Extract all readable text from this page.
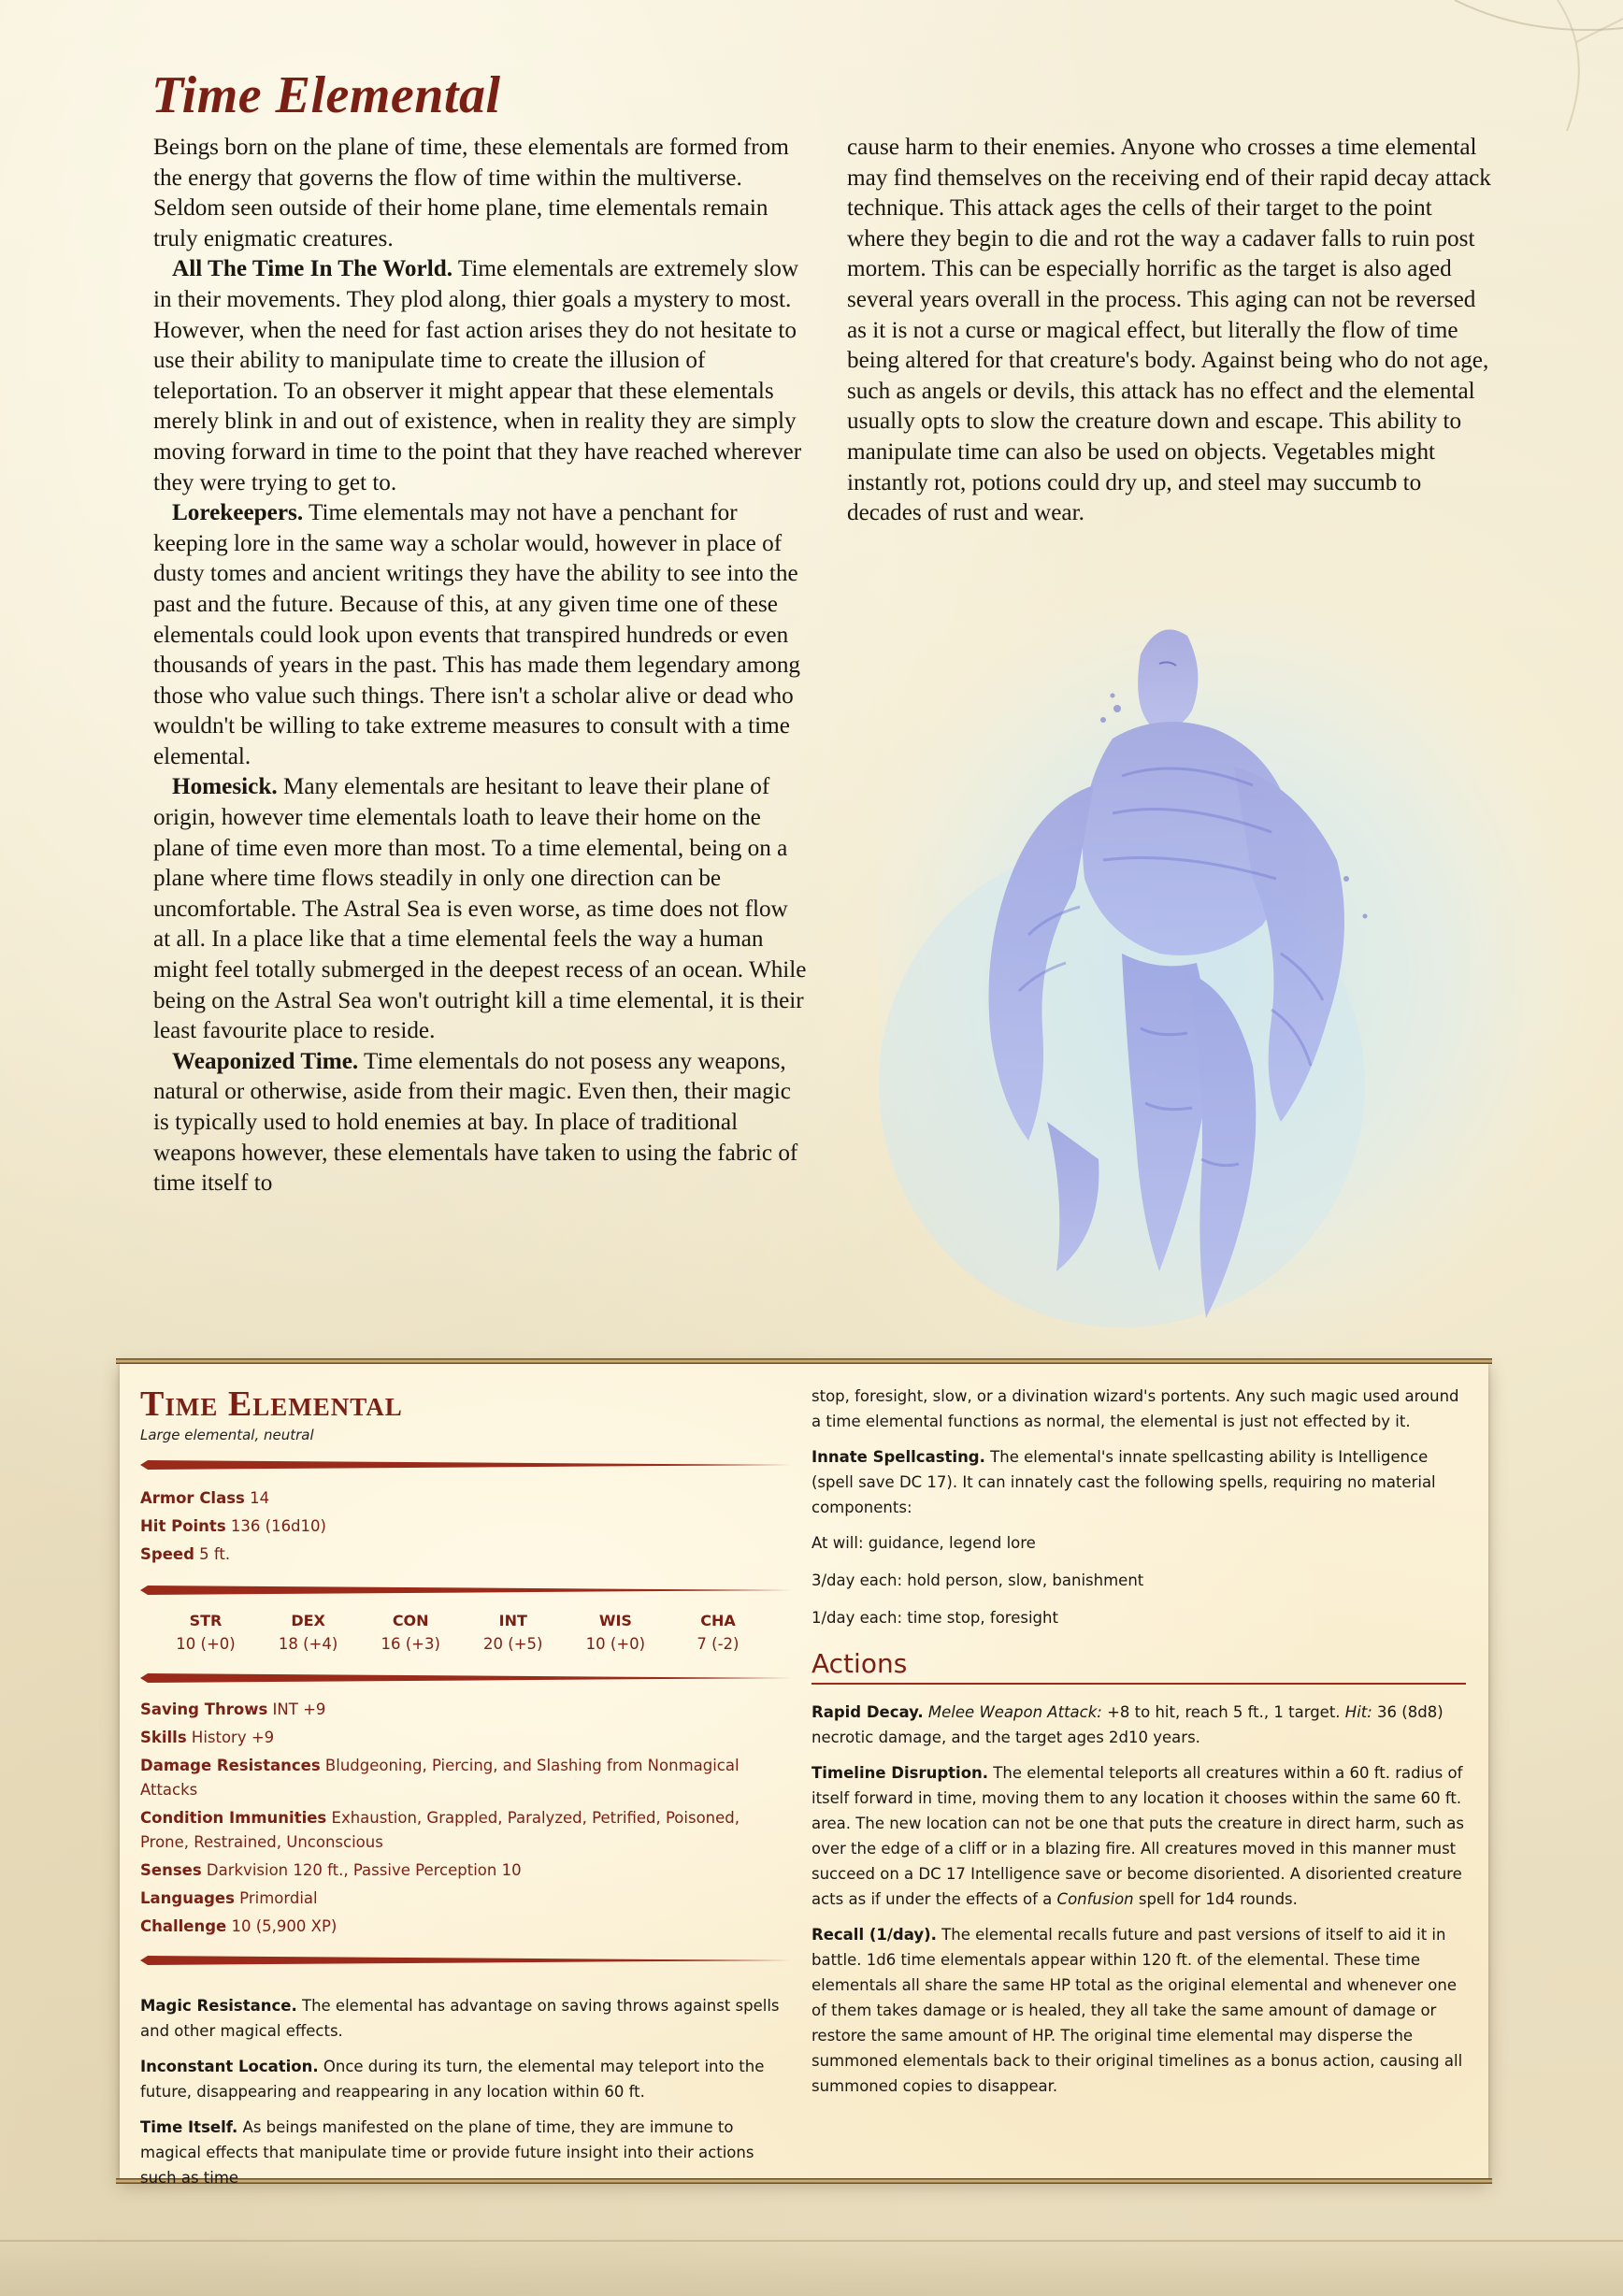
Time Elemental

Beings born on the plane of time, these elementals are formed from the energy that governs the flow of time within the multiverse. Seldom seen outside of their home plane, time elementals remain truly enigmatic creatures.

All The Time In The World. Time elementals are extremely slow in their movements. They plod along, thier goals a mystery to most. However, when the need for fast action arises they do not hesitate to use their ability to manipulate time to create the illusion of teleportation. To an observer it might appear that these elementals merely blink in and out of existence, when in reality they are simply moving forward in time to the point that they have reached wherever they were trying to get to.

Lorekeepers. Time elementals may not have a penchant for keeping lore in the same way a scholar would, however in place of dusty tomes and ancient writings they have the ability to see into the past and the future. Because of this, at any given time one of these elementals could look upon events that transpired hundreds or even thousands of years in the past. This has made them legendary among those who value such things. There isn't a scholar alive or dead who wouldn't be willing to take extreme measures to consult with a time elemental.

Homesick. Many elementals are hesitant to leave their plane of origin, however time elementals loath to leave their home on the plane of time even more than most. To a time elemental, being on a plane where time flows steadily in only one direction can be uncomfortable. The Astral Sea is even worse, as time does not flow at all. In a place like that a time elemental feels the way a human might feel totally submerged in the deepest recess of an ocean. While being on the Astral Sea won't outright kill a time elemental, it is their least favourite place to reside.

Weaponized Time. Time elementals do not posess any weapons, natural or otherwise, aside from their magic. Even then, their magic is typically used to hold enemies at bay. In place of traditional weapons however, these elementals have taken to using the fabric of time itself to

cause harm to their enemies. Anyone who crosses a time elemental may find themselves on the receiving end of their rapid decay attack technique. This attack ages the cells of their target to the point where they begin to die and rot the way a cadaver falls to ruin post mortem. This can be especially horrific as the target is also aged several years overall in the process. This aging can not be reversed as it is not a curse or magical effect, but literally the flow of time being altered for that creature's body. Against being who do not age, such as angels or devils, this attack has no effect and the elemental usually opts to slow the creature down and escape. This ability to manipulate time can also be used on objects. Vegetables might instantly rot, potions could dry up, and steel may succumb to decades of rust and wear.

Time Elemental
Large elemental, neutral
Armor Class 14
Hit Points 136 (16d10)
Speed 5 ft.
STR
10 (+0)
DEX
18 (+4)
CON
16 (+3)
INT
20 (+5)
WIS
10 (+0)
CHA
7 (-2)
Saving Throws INT +9
Skills History +9
Damage Resistances Bludgeoning, Piercing, and Slashing from Nonmagical Attacks
Condition Immunities Exhaustion, Grappled, Paralyzed, Petrified, Poisoned, Prone, Restrained, Unconscious
Senses Darkvision 120 ft., Passive Perception 10
Languages Primordial
Challenge 10 (5,900 XP)
Magic Resistance. The elemental has advantage on saving throws against spells and other magical effects.
Inconstant Location. Once during its turn, the elemental may teleport into the future, disappearing and reappearing in any location within 60 ft.
Time Itself. As beings manifested on the plane of time, they are immune to magical effects that manipulate time or provide future insight into their actions such as time
stop, foresight, slow, or a divination wizard's portents. Any such magic used around a time elemental functions as normal, the elemental is just not effected by it.
Innate Spellcasting. The elemental's innate spellcasting ability is Intelligence (spell save DC 17). It can innately cast the following spells, requiring no material components:
At will: guidance, legend lore
3/day each: hold person, slow, banishment
1/day each: time stop, foresight
Actions
Rapid Decay. Melee Weapon Attack: +8 to hit, reach 5 ft., 1 target. Hit: 36 (8d8) necrotic damage, and the target ages 2d10 years.
Timeline Disruption. The elemental teleports all creatures within a 60 ft. radius of itself forward in time, moving them to any location it chooses within the same 60 ft. area. The new location can not be one that puts the creature in direct harm, such as over the edge of a cliff or in a blazing fire. All creatures moved in this manner must succeed on a DC 17 Intelligence save or become disoriented. A disoriented creature acts as if under the effects of a Confusion spell for 1d4 rounds.
Recall (1/day). The elemental recalls future and past versions of itself to aid it in battle. 1d6 time elementals appear within 120 ft. of the elemental. These time elementals all share the same HP total as the original elemental and whenever one of them takes damage or is healed, they all take the same amount of damage or restore the same amount of HP. The original time elemental may disperse the summoned elementals back to their original timelines as a bonus action, causing all summoned copies to disappear.
